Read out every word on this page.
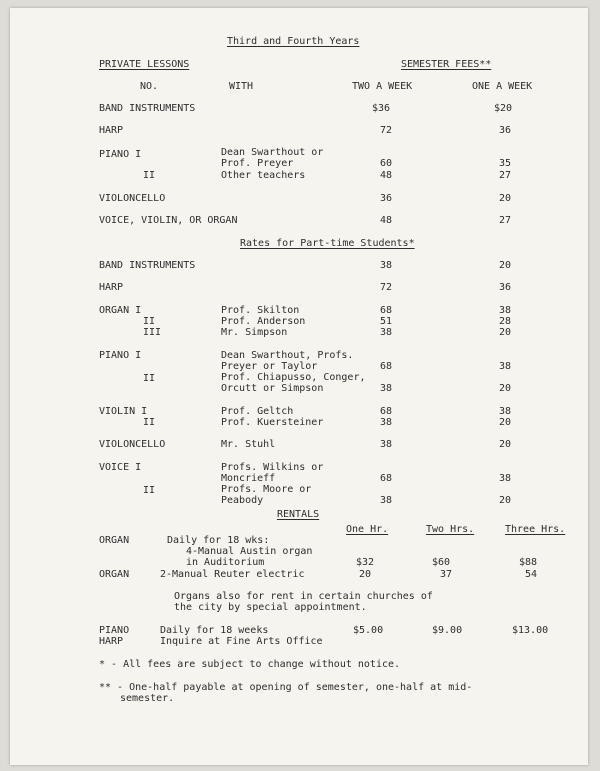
Third and Fourth Years
PRIVATE LESSONS	SEMESTER FEES**
NO.	WITH	TWO A WEEK	ONE A WEEK
BAND INSTRUMENTS	$36	$20
HARP	72	36
PIANO I	Dean Swarthout or
Prof. Preyer	60	35
II	Other teachers	48	27
VIOLONCELLO	36	20
VOICE, VIOLIN, OR ORGAN	48	27
Rates for Part-time Students*
BAND INSTRUMENTS	38	20
HARP	72	36
ORGAN I	Prof. Skilton	68	38
II	Prof. Anderson	51	28
III	Mr. Simpson	38	20
PIANO I	Dean Swarthout, Profs.
Preyer or Taylor	68	38
II	Prof. Chiapusso, Conger,
Orcutt or Simpson	38	20
VIOLIN I	Prof. Geltch	68	38
II	Prof. Kuersteiner	38	20
VIOLONCELLO	Mr. Stuhl	38	20
VOICE I	Profs. Wilkins or
Moncrieff	68	38
II	Profs. Moore or
Peabody	38	20
RENTALS
One Hr.	Two Hrs.	Three Hrs.
ORGAN	Daily for 18 wks:
4-Manual Austin organ
in Auditorium	$32	$60	$88
ORGAN	2-Manual Reuter electric	20	37	54
Organs also for rent in certain churches of
the city by special appointment.
PIANO	Daily for 18 weeks	$5.00	$9.00	$13.00
HARP	Inquire at Fine Arts Office
* - All fees are subject to change without notice.
** - One-half payable at opening of semester, one-half at mid-
semester.
